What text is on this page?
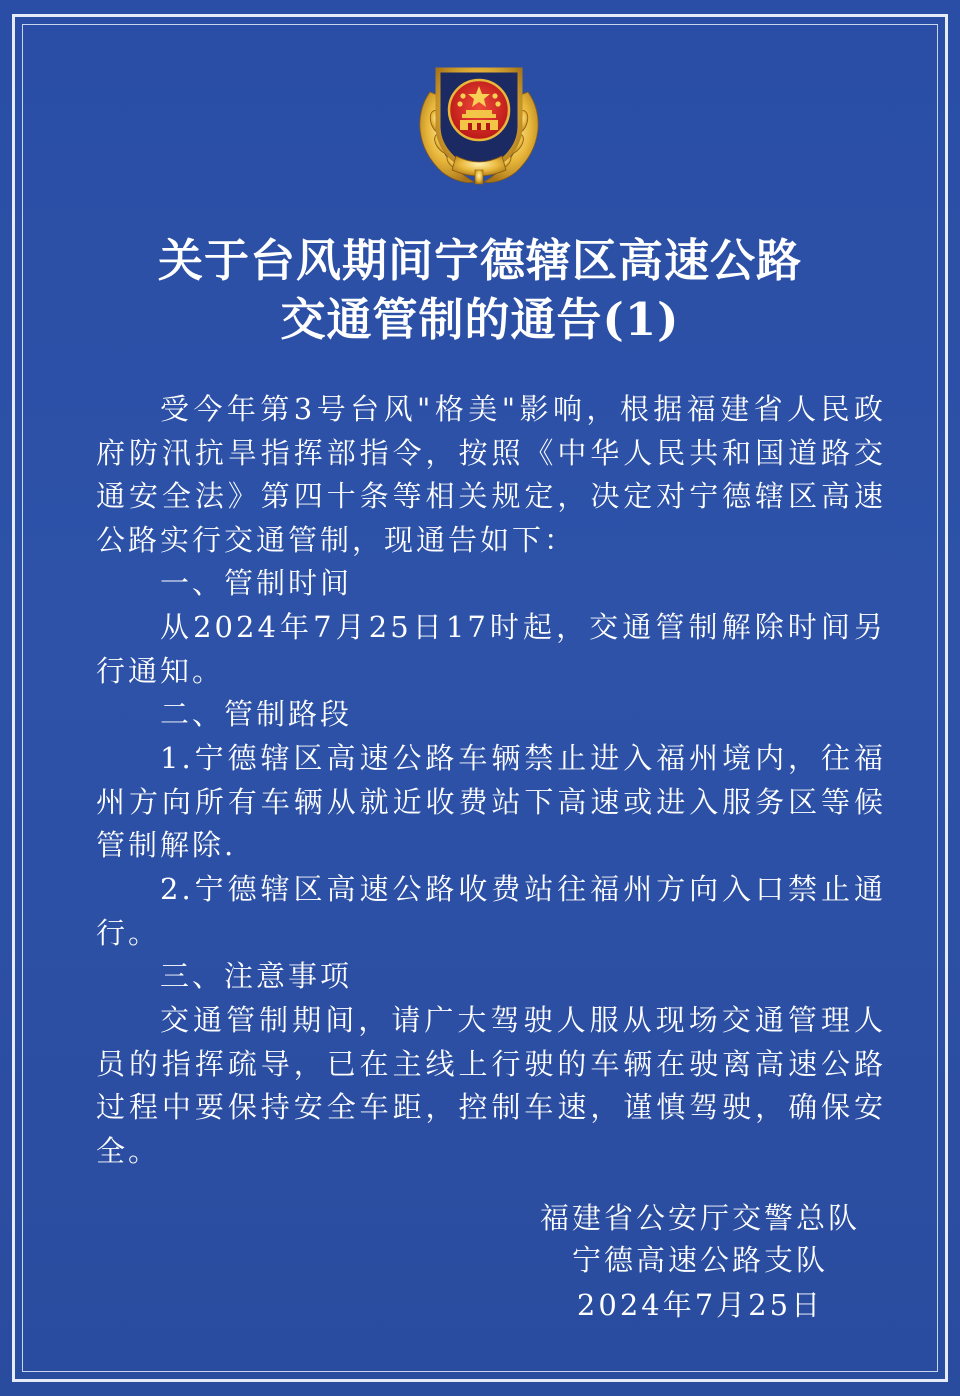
关于台风期间宁德辖区高速公路
交通管制的通告(1)
受今年第3号台风"格美"影响，根据福建省人民政府防汛抗旱指挥部指令，按照《中华人民共和国道路交通安全法》第四十条等相关规定，决定对宁德辖区高速公路实行交通管制，现通告如下：
一、管制时间
从2024年7月25日17时起，交通管制解除时间另行通知。
二、管制路段
1.宁德辖区高速公路车辆禁止进入福州境内，往福州方向所有车辆从就近收费站下高速或进入服务区等候管制解除.
2.宁德辖区高速公路收费站往福州方向入口禁止通行。
三、注意事项
交通管制期间，请广大驾驶人服从现场交通管理人员的指挥疏导，已在主线上行驶的车辆在驶离高速公路过程中要保持安全车距，控制车速，谨慎驾驶，确保安全。
福建省公安厅交警总队
宁德高速公路支队
2024年7月25日
